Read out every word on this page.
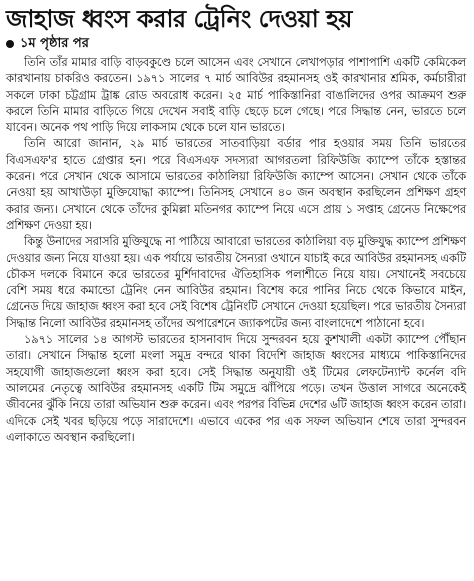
জাহাজ ধ্বংস করার ট্রেনিং দেওয়া হয়
১ম পৃষ্ঠার পর

তিনি তাঁর মামার বাড়ি বাড়বকুণ্ডে চলে আসেন এবং সেখানে লেখাপড়ার পাশাপাশি একটি কেমিকেল কারখানায় চাকরিও করতেন। ১৯৭১ সালের ৭ মার্চ আবিউর রহমানসহ ওই কারখানার শ্রমিক, কর্মচারীরা সকলে ঢাকা চট্টগ্রাম ট্রাঙ্ক রোড অবরোধ করেন। ২৫ মার্চ পাকিস্তানিরা বাঙালিদের ওপর আক্রমণ শুরু করলে তিনি মামার বাড়িতে গিয়ে দেখেন সবাই বাড়ি ছেড়ে চলে গেছে। পরে সিদ্ধান্ত নেন, ভারতে চলে যাবেন। অনেক পথ পাড়ি দিয়ে লাকসাম থেকে চলে যান ভারতে।

তিনি আরো জানান, ২৯ মার্চ ভারতের সাতবাড়িয়া বর্ডার পার হওয়ার সময় তিনি ভারতের বিএসএফ'র হাতে গ্রেপ্তার হন। পরে বিএসএফ সদস্যরা আগরতলা রিফিউজি ক্যাম্পে তাঁকে হস্তান্তর করেন। পরে সেখান থেকে আসামে ভারতের কাঠালিয়া রিফিউজি ক্যাম্পে আসেন। সেখান থেকে তাঁকে নেওয়া হয় আখাউড়া মুক্তিযোদ্ধা ক্যাম্পে। তিনিসহ সেখানে ৪০ জন অবস্থান করছিলেন প্রশিক্ষণ গ্রহণ করার জন্য। সেখানে থেকে তাঁদের কুমিল্লা মতিনগর ক্যাম্পে নিয়ে এসে প্রায় ১ সপ্তাহ গ্রেনেড নিক্ষেপের প্রশিক্ষণ দেওয়া হয়।

কিন্তু উনাদের সরাসরি মুক্তিযুদ্ধে না পাঠিয়ে আবারো ভারতের কাঠালিয়া বড় মুক্তিযুদ্ধ ক্যাম্পে প্রশিক্ষণ দেওয়ার জন্য নিয়ে যাওয়া হয়। এক পর্যায়ে ভারতীয় সৈন্যরা ওখানে যাচাই করে আবিউর রহমানসহ একটি চৌকস দলকে বিমানে করে ভারতের মুর্শিদাবাদের ঐতিহাসিক পলাশীতে নিয়ে যায়। সেখানেই সবচেয়ে বেশি সময় ধরে কমান্ডো ট্রেনিং নেন আবিউর রহমান। বিশেষ করে পানির নিচে থেকে কিভাবে মাইন, গ্রেনেড দিয়ে জাহাজ ধ্বংস করা হবে সেই বিশেষ ট্রেনিংটি সেখানে দেওয়া হয়েছিল। পরে ভারতীয় সৈন্যরা সিদ্ধান্ত নিলো আবিউর রহমানসহ তাঁদের অপারেশনে জ্যাকপটের জন্য বাংলাদেশে পাঠানো হবে।

১৯৭১ সালের ১৪ আগস্ট ভারতের হাসনাবাদ দিয়ে সুন্দরবন হয়ে কুশখালী একটা ক্যাম্পে পৌঁছান তারা। সেখানে সিদ্ধান্ত হলো মংলা সমুদ্র বন্দরে থাকা বিদেশি জাহাজ ধ্বংসের মাধ্যমে পাকিস্তানিদের সহযোগী জাহাজগুলো ধ্বংস করা হবে। সেই সিদ্ধান্ত অনুযায়ী ওই টিমের লেফটেন্যান্ট কর্নেল বদি আলমের নেতৃত্বে আবিউর রহমানসহ একটি টিম সমুদ্রে ঝাঁপিয়ে পড়ে। তখন উত্তাল সাগরে অনেকেই জীবনের ঝুঁকি নিয়ে তারা অভিযান শুরু করেন। এবং পরপর বিভিন্ন দেশের ৬টি জাহাজ ধ্বংস করেন তারা। এদিকে সেই খবর ছড়িয়ে পড়ে সারাদেশে। এভাবে একের পর এক সফল অভিযান শেষে তারা সুন্দরবন এলাকাতে অবস্থান করছিলো।
